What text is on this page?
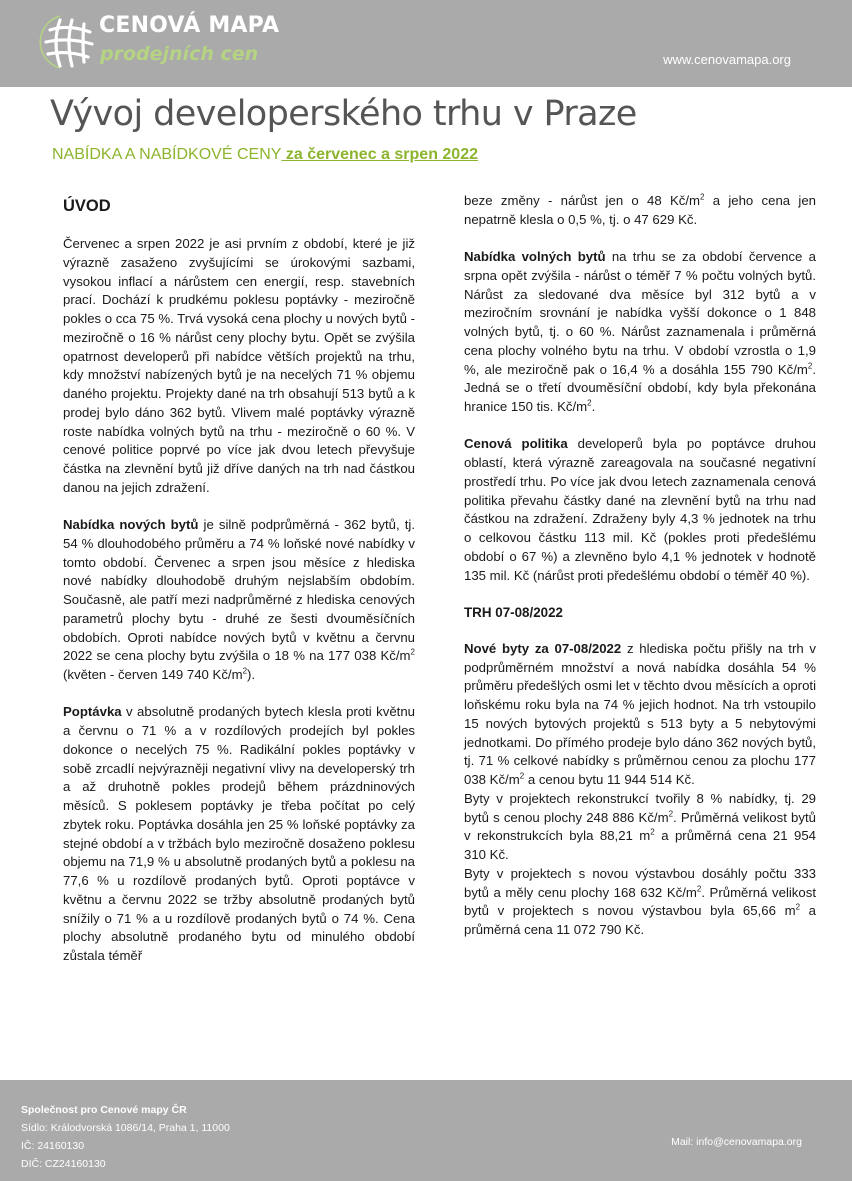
CENOVÁ MAPA
prodejních cen	www.cenovamapa.org
Vývoj developerského trhu v Praze
NABÍDKA A NABÍDKOVÉ CENY za červenec a srpen 2022
ÚVOD

Červenec a srpen 2022 je asi prvním z období, které je již výrazně zasaženo zvyšujícími se úrokovými sazbami, vysokou inflací a nárůstem cen energií, resp. stavebních prací. Dochází k prudkému poklesu poptávky - meziročně pokles o cca 75 %. Trvá vysoká cena plochy u nových bytů - meziročně o 16 % nárůst ceny plochy bytu. Opět se zvýšila opatrnost developerů při nabídce větších projektů na trhu, kdy množství nabízených bytů je na necelých 71 % objemu daného projektu. Projekty dané na trh obsahují 513 bytů a k prodej bylo dáno 362 bytů. Vlivem malé poptávky výrazně roste nabídka volných bytů na trhu - meziročně o 60 %. V cenové politice poprvé po více jak dvou letech převyšuje částka na zlevnění bytů již dříve daných na trh nad částkou danou na jejich zdražení.

Nabídka nových bytů je silně podprůměrná - 362 bytů, tj. 54 % dlouhodobého průměru a 74 % loňské nové nabídky v tomto období. Červenec a srpen jsou měsíce z hlediska nové nabídky dlouhodobě druhým nejslabším obdobím. Současně, ale patří mezi nadprůměrné z hlediska cenových parametrů plochy bytu - druhé ze šesti dvouměsíčních obdobích. Oproti nabídce nových bytů v květnu a červnu 2022 se cena plochy bytu zvýšila o 18 % na 177 038 $Kč/m^2$ (květen - červen 149 740 $Kč/m^2$).

Poptávka v absolutně prodaných bytech klesla proti květnu a červnu o 71 % a v rozdílových prodejích byl pokles dokonce o necelých 75 %. Radikální pokles poptávky v sobě zrcadlí nejvýrazněji negativní vlivy na developerský trh a až druhotně pokles prodejů během prázdninových měsíců. S poklesem poptávky je třeba počítat po celý zbytek roku. Poptávka dosáhla jen 25 % loňské poptávky za stejné období a v tržbách bylo meziročně dosaženo poklesu objemu na 71,9 % u absolutně prodaných bytů a poklesu na 77,6 % u rozdílově prodaných bytů. Oproti poptávce v květnu a červnu 2022 se tržby absolutně prodaných bytů snížily o 71 % a u rozdílově prodaných bytů o 74 %. Cena plochy absolutně prodaného bytu od minulého období zůstala téměř

beze změny - nárůst jen o 48 $Kč/m^2$ a jeho cena jen nepatrně klesla o 0,5 %, tj. o 47 629 Kč.

Nabídka volných bytů na trhu se za období července a srpna opět zvýšila - nárůst o téměř 7 % počtu volných bytů. Nárůst za sledované dva měsíce byl 312 bytů a v meziročním srovnání je nabídka vyšší dokonce o 1 848 volných bytů, tj. o 60 %. Nárůst zaznamenala i průměrná cena plochy volného bytu na trhu. V období vzrostla o 1,9 %, ale meziročně pak o 16,4 % a dosáhla 155 790 $Kč/m^2$. Jedná se o třetí dvouměsíční období, kdy byla překonána hranice 150 tis. $Kč/m^2$.

Cenová politika developerů byla po poptávce druhou oblastí, která výrazně zareagovala na současné negativní prostředí trhu. Po více jak dvou letech zaznamenala cenová politika převahu částky dané na zlevnění bytů na trhu nad částkou na zdražení. Zdraženy byly 4,3 % jednotek na trhu o celkovou částku 113 mil. Kč (pokles proti předešlému období o 67 %) a zlevněno bylo 4,1 % jednotek v hodnotě 135 mil. Kč (nárůst proti předešlému období o téměř 40 %).

TRH 07-08/2022

Nové byty za 07-08/2022 z hlediska počtu přišly na trh v podprůměrném množství a nová nabídka dosáhla 54 % průměru předešlých osmi let v těchto dvou měsících a oproti loňskému roku byla na 74 % jejich hodnot. Na trh vstoupilo 15 nových bytových projektů s 513 byty a 5 nebytovými jednotkami. Do přímého prodeje bylo dáno 362 nových bytů, tj. 71 % celkové nabídky s průměrnou cenou za plochu 177 038 $Kč/m^2$ a cenou bytu 11 944 514 Kč.

Byty v projektech rekonstrukcí tvořily 8 % nabídky, tj. 29 bytů s cenou plochy 248 886 $Kč/m^2$. Průměrná velikost bytů v rekonstrukcích byla 88,21 $m^2$ a průměrná cena 21 954 310 Kč.

Byty v projektech s novou výstavbou dosáhly počtu 333 bytů a měly cenu plochy 168 632 $Kč/m^2$. Průměrná velikost bytů v projektech s novou výstavbou byla 65,66 $m^2$ a průměrná cena 11 072 790 Kč.

Společnost pro Cenové mapy ČR
Sídlo: Králodvorská 1086/14, Praha 1, 11000
IČ: 24160130
DIČ: CZ24160130
Mail: info@cenovamapa.org
